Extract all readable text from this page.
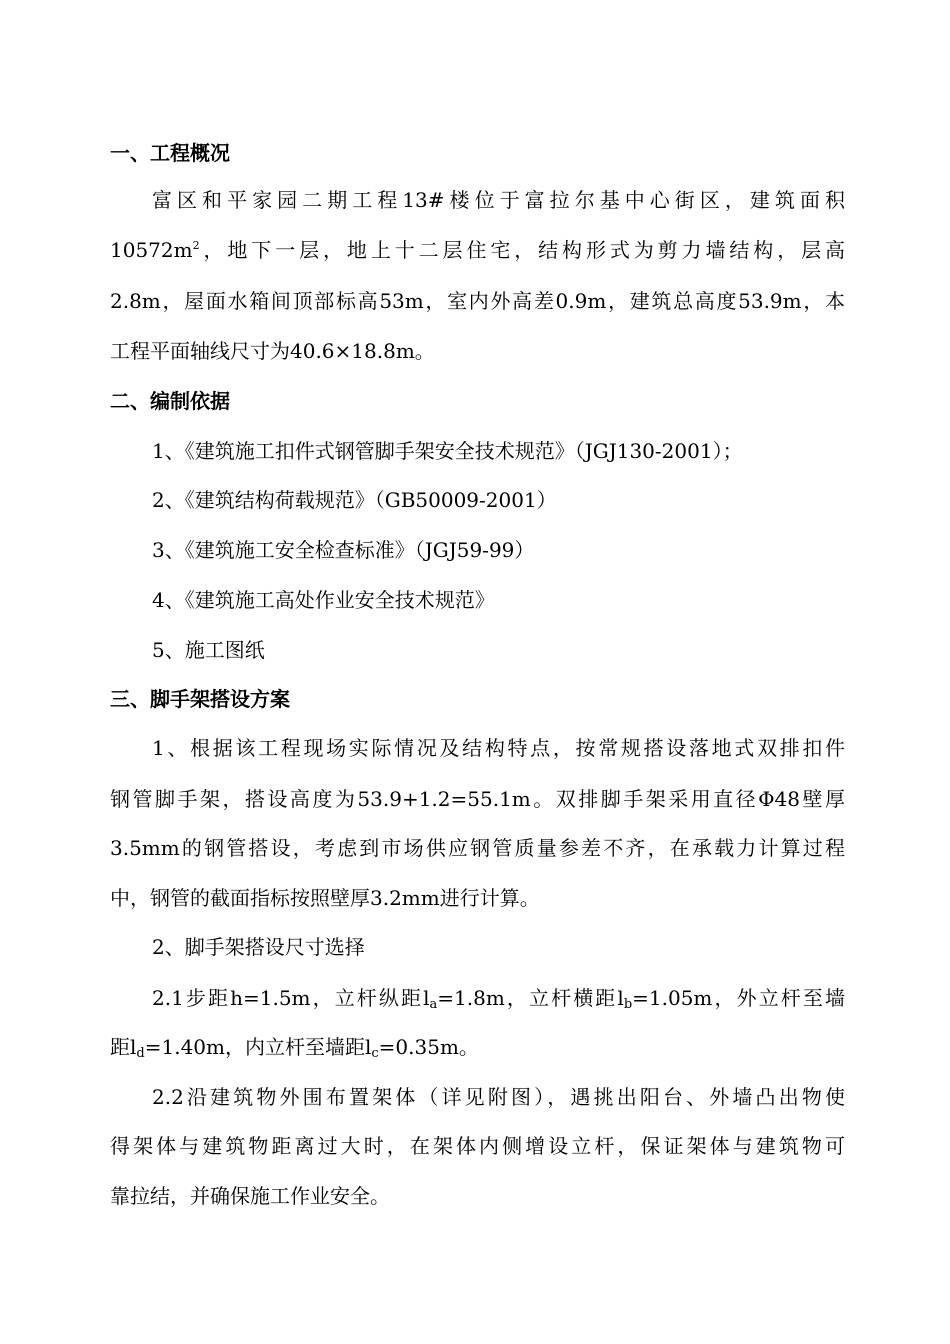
一、工程概况
富区和平家园二期工程13#楼位于富拉尔基中心街区，建筑面积
$10572m^2$，地下一层，地上十二层住宅，结构形式为剪力墙结构，层高
2.8m，屋面水箱间顶部标高53m，室内外高差0.9m，建筑总高度53.9m，本
工程平面轴线尺寸为40.6×18.8m。
二、编制依据
1、《建筑施工扣件式钢管脚手架安全技术规范》（JGJ130-2001）；
2、《建筑结构荷载规范》（GB50009-2001）
3、《建筑施工安全检查标准》（JGJ59-99）
4、《建筑施工高处作业安全技术规范》
5、施工图纸
三、脚手架搭设方案
1、根据该工程现场实际情况及结构特点，按常规搭设落地式双排扣件
钢管脚手架，搭设高度为53.9+1.2=55.1m。双排脚手架采用直径Φ48壁厚
3.5mm的钢管搭设，考虑到市场供应钢管质量参差不齐，在承载力计算过程
中，钢管的截面指标按照壁厚3.2mm进行计算。
2、脚手架搭设尺寸选择
2.1步距h=1.5m，立杆纵距$l_a=1.8m$，立杆横距$l_b=1.05m$，外立杆至墙
距$l_d=1.40m$，内立杆至墙距$l_c=0.35m$。
2.2沿建筑物外围布置架体（详见附图），遇挑出阳台、外墙凸出物使
得架体与建筑物距离过大时，在架体内侧增设立杆，保证架体与建筑物可
靠拉结，并确保施工作业安全。
